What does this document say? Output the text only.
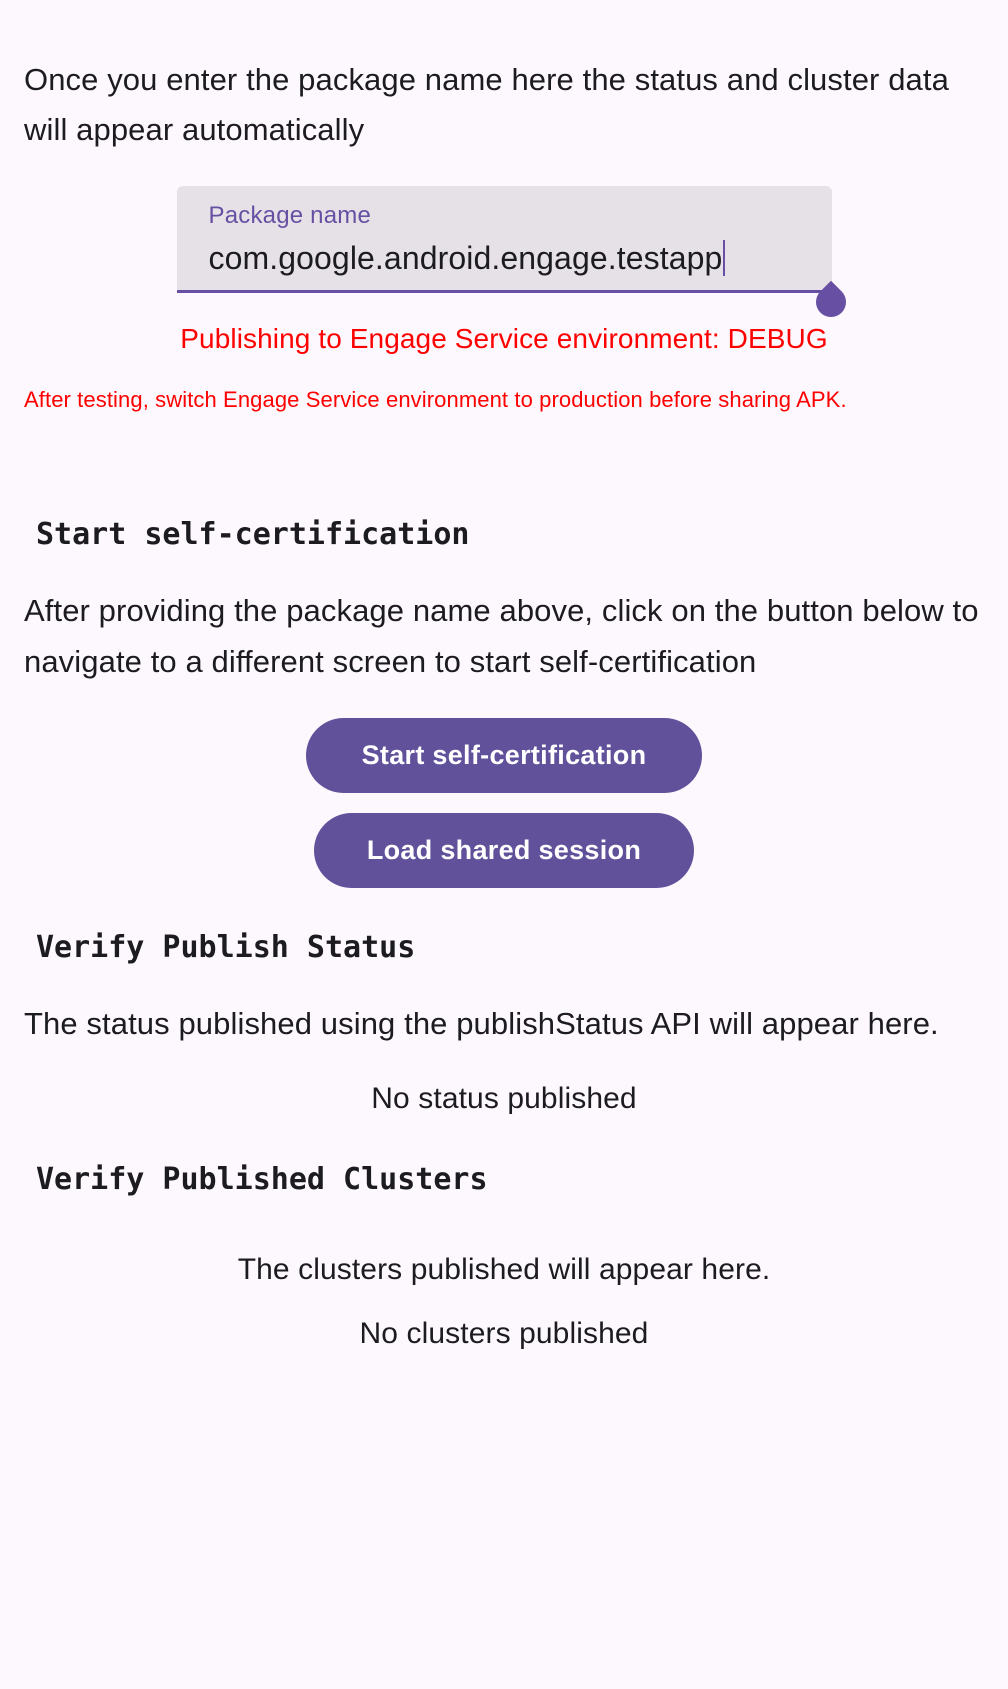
Once you enter the package name here the status and cluster data will appear automatically

Package name
com.google.android.engage.testapp
Publishing to Engage Service environment: DEBUG
After testing, switch Engage Service environment to production before sharing APK.
Start self-certification

After providing the package name above, click on the button below to navigate to a different screen to start self-certification

Start self-certification
Load shared session
Verify Publish Status

The status published using the publishStatus API will appear here.

No status published
Verify Published Clusters
The clusters published will appear here.
No clusters published
